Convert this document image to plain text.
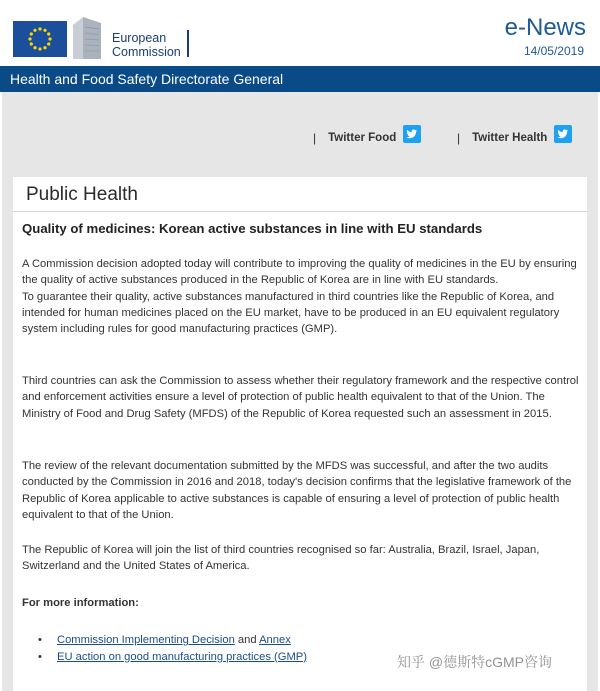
European
Commission
e-News
14/05/2019
Health and Food Safety Directorate General
| Twitter Food	| Twitter Health
Public Health
Quality of medicines: Korean active substances in line with EU standards

A Commission decision adopted today will contribute to improving the quality of medicines in the EU by ensuring the quality of active substances produced in the Republic of Korea are in line with EU standards.

To guarantee their quality, active substances manufactured in third countries like the Republic of Korea, and intended for human medicines placed on the EU market, have to be produced in an EU equivalent regulatory system including rules for good manufacturing practices (GMP).

Third countries can ask the Commission to assess whether their regulatory framework and the respective control and enforcement activities ensure a level of protection of public health equivalent to that of the Union. The Ministry of Food and Drug Safety (MFDS) of the Republic of Korea requested such an assessment in 2015.

The review of the relevant documentation submitted by the MFDS was successful, and after the two audits conducted by the Commission in 2016 and 2018, today's decision confirms that the legislative framework of the Republic of Korea applicable to active substances is capable of ensuring a level of protection of public health equivalent to that of the Union.

The Republic of Korea will join the list of third countries recognised so far: Australia, Brazil, Israel, Japan, Switzerland and the United States of America.

For more information:
• Commission Implementing Decision and Annex
• EU action on good manufacturing practices (GMP)	知乎 @德斯特cGMP咨询
